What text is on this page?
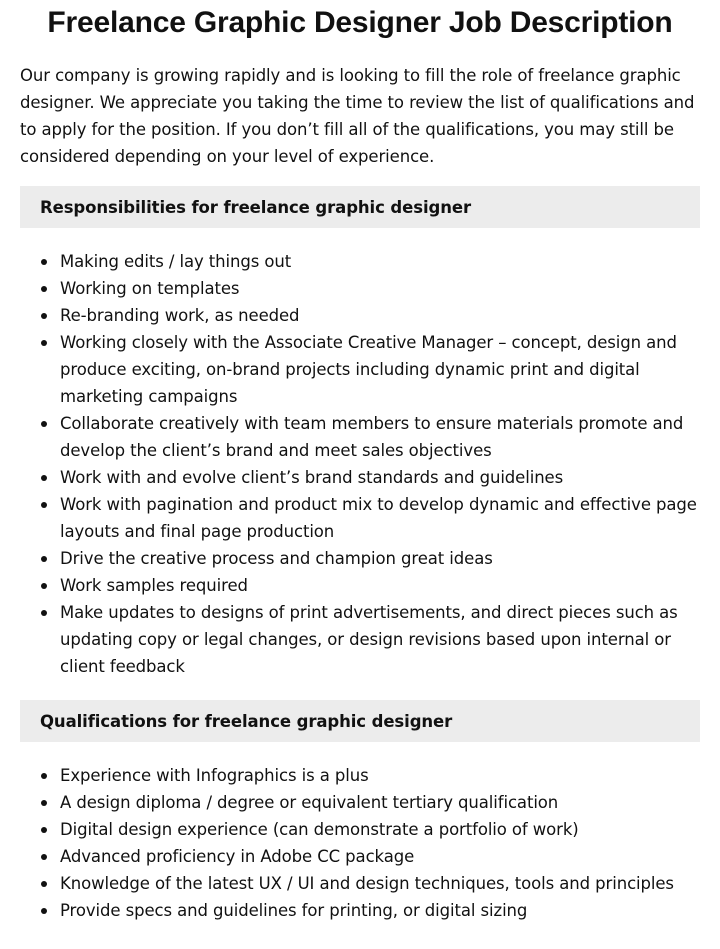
Freelance Graphic Designer Job Description

Our company is growing rapidly and is looking to fill the role of freelance graphic designer. We appreciate you taking the time to review the list of qualifications and to apply for the position. If you don’t fill all of the qualifications, you may still be considered depending on your level of experience.

Responsibilities for freelance graphic designer
Making edits / lay things out
Working on templates
Re-branding work, as needed
Working closely with the Associate Creative Manager – concept, design and produce exciting, on-brand projects including dynamic print and digital marketing campaigns
Collaborate creatively with team members to ensure materials promote and develop the client’s brand and meet sales objectives
Work with and evolve client’s brand standards and guidelines
Work with pagination and product mix to develop dynamic and effective page layouts and final page production
Drive the creative process and champion great ideas
Work samples required
Make updates to designs of print advertisements, and direct pieces such as updating copy or legal changes, or design revisions based upon internal or client feedback
Qualifications for freelance graphic designer
Experience with Infographics is a plus
A design diploma / degree or equivalent tertiary qualification
Digital design experience (can demonstrate a portfolio of work)
Advanced proficiency in Adobe CC package
Knowledge of the latest UX / UI and design techniques, tools and principles
Provide specs and guidelines for printing, or digital sizing
